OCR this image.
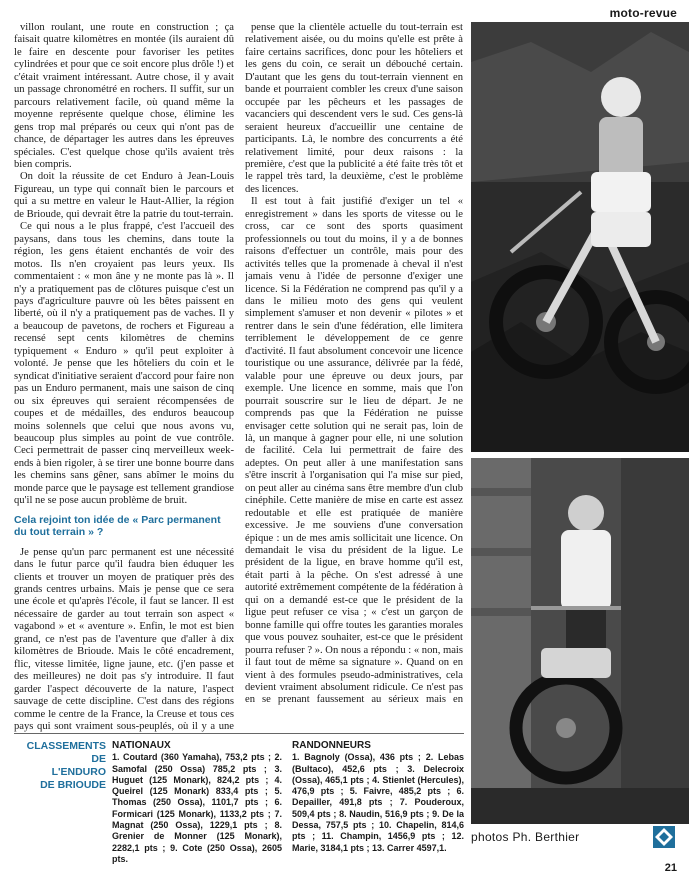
moto-revue

villon roulant, une route en construction ; ça faisait quatre kilomètres en montée (ils auraient dû le faire en descente pour favoriser les petites cylindrées et pour que ce soit encore plus drôle !) et c'était vraiment intéressant. Autre chose, il y avait un passage chronométré en rochers. Il suffit, sur un parcours relativement facile, où quand même la moyenne représente quelque chose, élimine les gens trop mal préparés ou ceux qui n'ont pas de chance, de départager les autres dans les épreuves spéciales. C'est quelque chose qu'ils avaient très bien compris.

On doit la réussite de cet Enduro à Jean-Louis Figureau, un type qui connaît bien le parcours et qui a su mettre en valeur le Haut-Allier, la région de Brioude, qui devrait être la patrie du tout-terrain.

Ce qui nous a le plus frappé, c'est l'accueil des paysans, dans tous les chemins, dans toute la région, les gens étaient enchantés de voir des motos. Ils n'en croyaient pas leurs yeux. Ils commentaient : « mon âne y ne monte pas là ». Il n'y a pratiquement pas de clôtures puisque c'est un pays d'agriculture pauvre où les bêtes paissent en liberté, où il n'y a pratiquement pas de vaches. Il y a beaucoup de pavetons, de rochers et Figureau a recensé sept cents kilomètres de chemins typiquement « Enduro » qu'il peut exploiter à volonté. Je pense que les hôteliers du coin et le syndicat d'initiative seraient d'accord pour faire non pas un Enduro permanent, mais une saison de cinq ou six épreuves qui seraient récompensées de coupes et de médailles, des enduros beaucoup moins solennels que celui que nous avons vu, beaucoup plus simples au point de vue contrôle. Ceci permettrait de passer cinq merveilleux week-ends à bien rigoler, à se tirer une bonne bourre dans les chemins sans gêner, sans abîmer le moins du monde parce que le paysage est tellement grandiose qu'il ne se pose aucun problème de bruit.

Cela rejoint ton idée de « Parc permanent du tout terrain » ?

Je pense qu'un parc permanent est une nécessité dans le futur parce qu'il faudra bien éduquer les clients et trouver un moyen de pratiquer près des grands centres urbains. Mais je pense que ce sera une école et qu'après l'école, il faut se lancer. Il est nécessaire de garder au tout terrain son aspect « vagabond » et « aventure ». Enfin, le mot est bien grand, ce n'est pas de l'aventure que d'aller à dix kilomètres de Brioude. Mais le côté encadrement, flic, vitesse limitée, ligne jaune, etc. (j'en passe et des meilleures) ne doit pas s'y introduire. Il faut garder l'aspect découverte de la nature, l'aspect sauvage de cette discipline. C'est dans des régions comme le centre de la France, la Creuse et tous ces pays qui sont vraiment sous-peuplés, où il y a une

pense que la clientèle actuelle du tout-terrain est relativement aisée, ou du moins qu'elle est prête à faire certains sacrifices, donc pour les hôteliers et les gens du coin, ce serait un débouché certain. D'autant que les gens du tout-terrain viennent en bande et pourraient combler les creux d'une saison occupée par les pêcheurs et les passages de vacanciers qui descendent vers le sud. Ces gens-là seraient heureux d'accueillir une centaine de participants. Là, le nombre des concurrents a été relativement limité, pour deux raisons : la première, c'est que la publicité a été faite très tôt et le rappel très tard, la deuxième, c'est le problème des licences.

Il est tout à fait justifié d'exiger un tel « enregistrement » dans les sports de vitesse ou le cross, car ce sont des sports quasiment professionnels ou tout du moins, il y a de bonnes raisons d'effectuer un contrôle, mais pour des activités telles que la promenade à cheval il n'est jamais venu à l'idée de personne d'exiger une licence. Si la Fédération ne comprend pas qu'il y a dans le milieu moto des gens qui veulent simplement s'amuser et non devenir « pilotes » et rentrer dans le sein d'une fédération, elle limitera terriblement le développement de ce genre d'activité. Il faut absolument concevoir une licence touristique ou une assurance, délivrée par la fédé, valable pour une épreuve ou deux jours, par exemple. Une licence en somme, mais que l'on pourrait souscrire sur le lieu de départ. Je ne comprends pas que la Fédération ne puisse envisager cette solution qui ne serait pas, loin de là, un manque à gagner pour elle, ni une solution de facilité. Cela lui permettrait de faire des adeptes. On peut aller à une manifestation sans s'être inscrit à l'organisation qui l'a mise sur pied, on peut aller au cinéma sans être membre d'un club cinéphile. Cette manière de mise en carte est assez redoutable et elle est pratiquée de manière excessive. Je me souviens d'une conversation épique : un de mes amis sollicitait une licence. On demandait le visa du président de la ligue. Le président de la ligue, en brave homme qu'il est, était parti à la pêche. On s'est adressé à une autorité extrêmement compétente de la fédération à qui on a demandé est-ce que le président de la ligue peut refuser ce visa ; « c'est un garçon de bonne famille qui offre toutes les garanties morales que vous pouvez souhaiter, est-ce que le président pourra refuser ? ». On nous a répondu : « non, mais il faut tout de même sa signature ». Quand on en vient à des formules pseudo-administratives, cela devient vraiment absolument ridicule. Ce n'est pas en se prenant faussement au sérieux mais en

CLASSEMENTS
DE
L'ENDURO
DE BRIOUDE
NATIONAUX
1. Coutard (360 Yamaha), 753,2 pts ; 2. Samofal (250 Ossa) 785,2 pts ; 3. Huguet (125 Monark), 824,2 pts ; 4. Queirel (125 Monark) 833,4 pts ; 5. Thomas (250 Ossa), 1101,7 pts ; 6. Formicari (125 Monark), 1133,2 pts ; 7. Magnat (250 Ossa), 1229,1 pts ; 8. Grenier de Monner (125 Monark), 2282,1 pts ; 9. Cote (250 Ossa), 2605 pts.
RANDONNEURS
1. Bagnoly (Ossa), 436 pts ; 2. Lebas (Bultaco), 452,6 pts ; 3. Delecroix (Ossa), 465,1 pts ; 4. Stienlet (Hercules), 476,9 pts ; 5. Faivre, 485,2 pts ; 6. Depailler, 491,8 pts ; 7. Pouderoux, 509,4 pts ; 8. Naudin, 516,9 pts ; 9. De la Dessa, 757,5 pts ; 10. Chapelin, 814,6 pts ; 11. Champin, 1456,9 pts ; 12. Marie, 3184,1 pts ; 13. Carrer 4597,1.
photos Ph. Berthier
21
